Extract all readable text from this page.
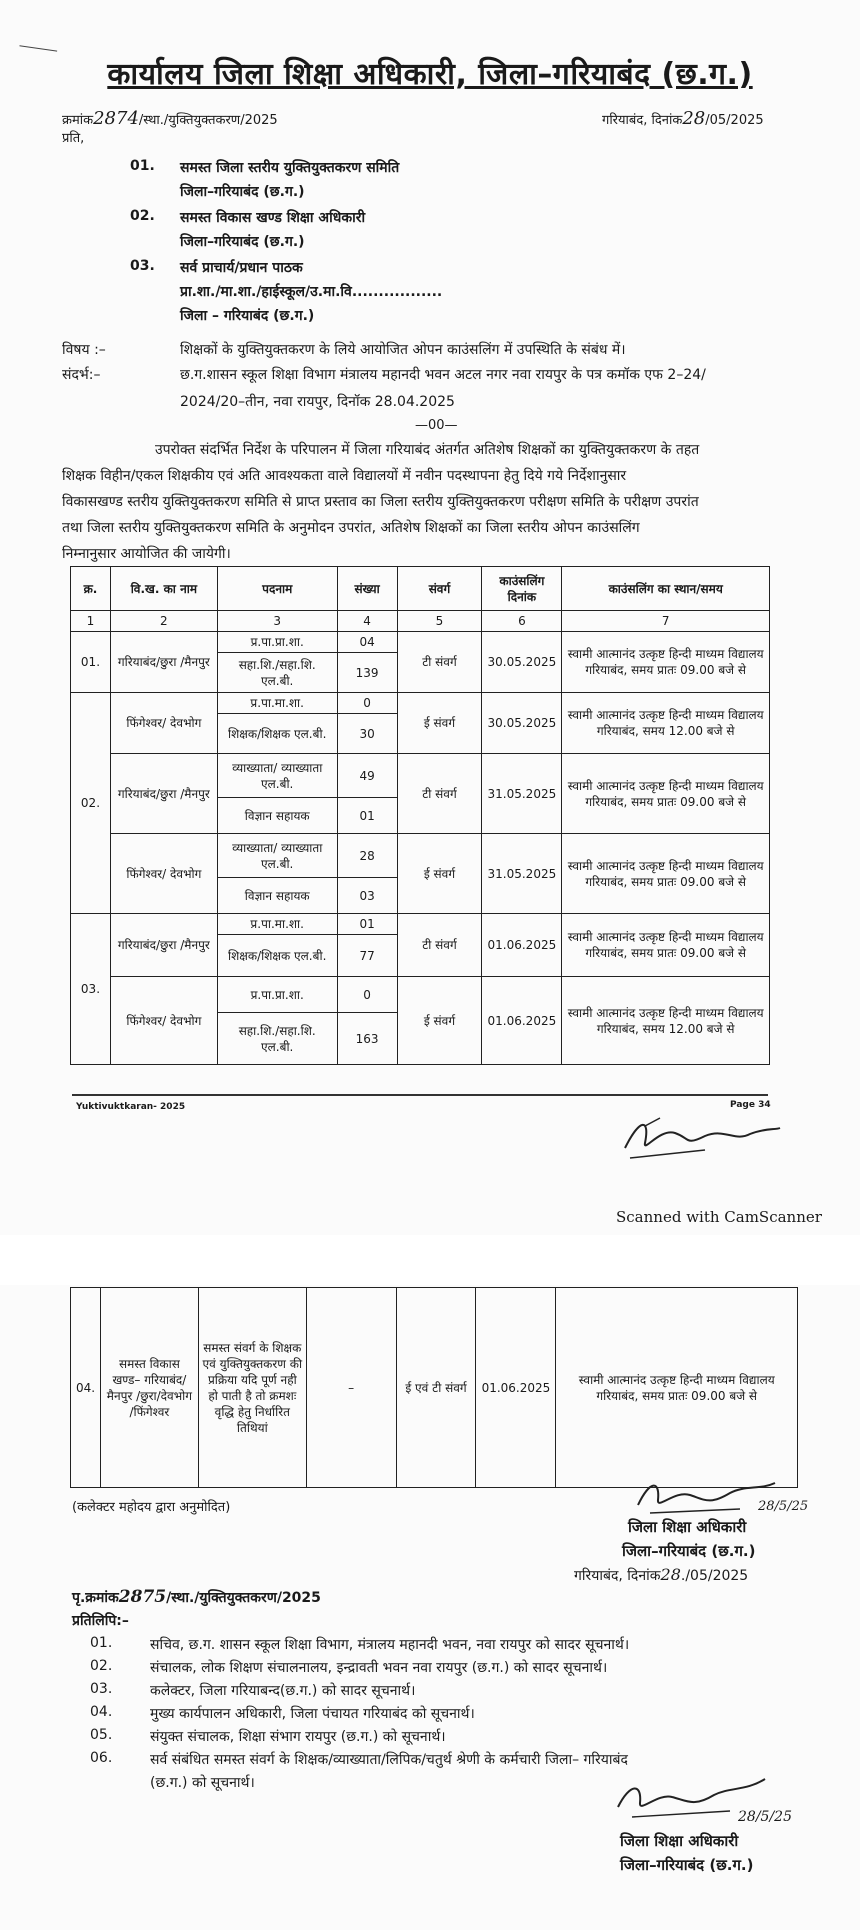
कार्यालय जिला शिक्षा अधिकारी, जिला–गरियाबंद (छ.ग.)
क्रमांक2874/स्था./युक्तियुक्तकरण/2025	गरियाबंद, दिनांक28/05/2025
प्रति,
01. समस्त जिला स्तरीय युक्तियुक्तकरण समिति
जिला–गरियाबंद (छ.ग.)
02. समस्त विकास खण्ड शिक्षा अधिकारी
जिला–गरियाबंद (छ.ग.)
03. सर्व प्राचार्य/प्रधान पाठक
प्रा.शा./मा.शा./हाईस्कूल/उ.मा.वि.................
जिला – गरियाबंद (छ.ग.)
विषय :–	शिक्षकों के युक्तियुक्तकरण के लिये आयोजित ओपन काउंसलिंग में उपस्थिति के संबंध में।
संदर्भ:–	छ.ग.शासन स्कूल शिक्षा विभाग मंत्रालय महानदी भवन अटल नगर नवा रायपुर के पत्र कमॉक एफ 2–24/
2024/20–तीन, नवा रायपुर, दिनॉक 28.04.2025
—00—
उपरोक्त संदर्भित निर्देश के परिपालन में जिला गरियाबंद अंतर्गत अतिशेष शिक्षकों का युक्तियुक्तकरण के तहत
शिक्षक विहीन/एकल शिक्षकीय एवं अति आवश्यकता वाले विद्यालयों में नवीन पदस्थापना हेतु दिये गये निर्देशानुसार
विकासखण्ड स्तरीय युक्तियुक्तकरण समिति से प्राप्त प्रस्ताव का जिला स्तरीय युक्तियुक्तकरण परीक्षण समिति के परीक्षण उपरांत
तथा जिला स्तरीय युक्तियुक्तकरण समिति के अनुमोदन उपरांत, अतिशेष शिक्षकों का जिला स्तरीय ओपन काउंसलिंग
निम्नानुसार आयोजित की जायेगी।
क्र.	वि.ख. का नाम	पदनाम	संख्या	संवर्ग	काउंसलिंग दिनांक	काउंसलिंग का स्थान/समय
1	2	3	4	5	6	7
01.	गरियाबंद/छुरा /मैनपुर	प्र.पा.प्रा.शा.	04	टी संवर्ग	30.05.2025	स्वामी आत्मानंद उत्कृष्ट हिन्दी माध्यम विद्यालय गरियाबंद, समय प्रातः 09.00 बजे से
		सहा.शि./सहा.शि. एल.बी.	139			
02.	फिंगेश्वर/ देवभोग	प्र.पा.मा.शा.	0	ई संवर्ग	30.05.2025	स्वामी आत्मानंद उत्कृष्ट हिन्दी माध्यम विद्यालय गरियाबंद, समय 12.00 बजे से
		शिक्षक/शिक्षक एल.बी.	30			
	गरियाबंद/छुरा /मैनपुर	व्याख्याता/ व्याख्याता एल.बी.	49	टी संवर्ग	31.05.2025	स्वामी आत्मानंद उत्कृष्ट हिन्दी माध्यम विद्यालय गरियाबंद, समय प्रातः 09.00 बजे से
		विज्ञान सहायक	01			
	फिंगेश्वर/ देवभोग	व्याख्याता/ व्याख्याता एल.बी.	28	ई संवर्ग	31.05.2025	स्वामी आत्मानंद उत्कृष्ट हिन्दी माध्यम विद्यालय गरियाबंद, समय प्रातः 09.00 बजे से
		विज्ञान सहायक	03			
03.	गरियाबंद/छुरा /मैनपुर	प्र.पा.मा.शा.	01	टी संवर्ग	01.06.2025	स्वामी आत्मानंद उत्कृष्ट हिन्दी माध्यम विद्यालय गरियाबंद, समय प्रातः 09.00 बजे से
		शिक्षक/शिक्षक एल.बी.	77			
	फिंगेश्वर/ देवभोग	प्र.पा.प्रा.शा.	0	ई संवर्ग	01.06.2025	स्वामी आत्मानंद उत्कृष्ट हिन्दी माध्यम विद्यालय गरियाबंद, समय 12.00 बजे से
		सहा.शि./सहा.शि. एल.बी.	163			
Yuktivuktkaran- 2025	Page 34
Scanned with CamScanner
04.	समस्त विकास खण्ड– गरियाबंद/मैनपुर /छुरा/देवभोग /फिंगेश्वर	समस्त संवर्ग के शिक्षक एवं युक्तियुक्तकरण की प्रक्रिया यदि पूर्ण नही हो पाती है तो क्रमशः वृद्धि हेतु निर्धारित तिथियां	–	ई एवं टी संवर्ग	01.06.2025	स्वामी आत्मानंद उत्कृष्ट हिन्दी माध्यम विद्यालय गरियाबंद, समय प्रातः 09.00 बजे से
(कलेक्टर महोदय द्वारा अनुमोदित)	28/5/25
जिला शिक्षा अधिकारी
जिला–गरियाबंद (छ.ग.)
गरियाबंद, दिनांक28./05/2025
पृ.क्रमांक2875/स्था./युक्तियुक्तकरण/2025
प्रतिलिपि:–
01.	सचिव, छ.ग. शासन स्कूल शिक्षा विभाग, मंत्रालय महानदी भवन, नवा रायपुर को सादर सूचनार्थ।
02.	संचालक, लोक शिक्षण संचालनालय, इन्द्रावती भवन नवा रायपुर (छ.ग.) को सादर सूचनार्थ।
03.	कलेक्टर, जिला गरियाबन्द(छ.ग.) को सादर सूचनार्थ।
04.	मुख्य कार्यपालन अधिकारी, जिला पंचायत गरियाबंद को सूचनार्थ।
05.	संयुक्त संचालक, शिक्षा संभाग रायपुर (छ.ग.) को सूचनार्थ।
06.	सर्व संबंधित समस्त संवर्ग के शिक्षक/व्याख्याता/लिपिक/चतुर्थ श्रेणी के कर्मचारी जिला– गरियाबंद
(छ.ग.) को सूचनार्थ।
28/5/25
जिला शिक्षा अधिकारी
जिला–गरियाबंद (छ.ग.)
